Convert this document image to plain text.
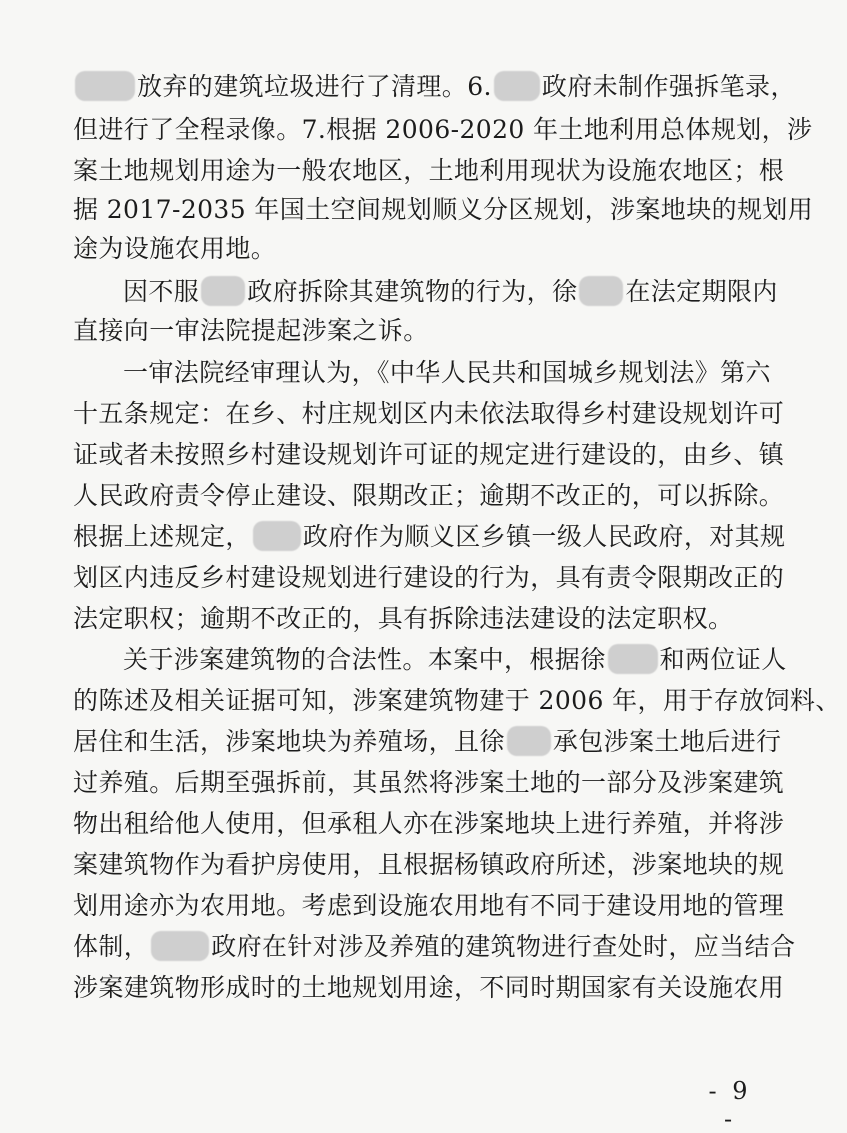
放弃的建筑垃圾进行了清理。6. 政府未制作强拆笔录，
但进行了全程录像。7.根据 2006-2020 年土地利用总体规划，涉
案土地规划用途为一般农地区，土地利用现状为设施农地区；根
据 2017-2035 年国土空间规划顺义分区规划，涉案地块的规划用
途为设施农用地。
因不服 政府拆除其建筑物的行为，徐 在法定期限内
直接向一审法院提起涉案之诉。
一审法院经审理认为，《中华人民共和国城乡规划法》第六
十五条规定：在乡、村庄规划区内未依法取得乡村建设规划许可
证或者未按照乡村建设规划许可证的规定进行建设的，由乡、镇
人民政府责令停止建设、限期改正；逾期不改正的，可以拆除。
根据上述规定， 政府作为顺义区乡镇一级人民政府，对其规
划区内违反乡村建设规划进行建设的行为，具有责令限期改正的
法定职权；逾期不改正的，具有拆除违法建设的法定职权。
关于涉案建筑物的合法性。本案中，根据徐 和两位证人
的陈述及相关证据可知，涉案建筑物建于 2006 年，用于存放饲料、
居住和生活，涉案地块为养殖场，且徐 承包涉案土地后进行
过养殖。后期至强拆前，其虽然将涉案土地的一部分及涉案建筑
物出租给他人使用，但承租人亦在涉案地块上进行养殖，并将涉
案建筑物作为看护房使用，且根据杨镇政府所述，涉案地块的规
划用途亦为农用地。考虑到设施农用地有不同于建设用地的管理
体制， 政府在针对涉及养殖的建筑物进行查处时，应当结合
涉案建筑物形成时的土地规划用途，不同时期国家有关设施农用
- 9 -
